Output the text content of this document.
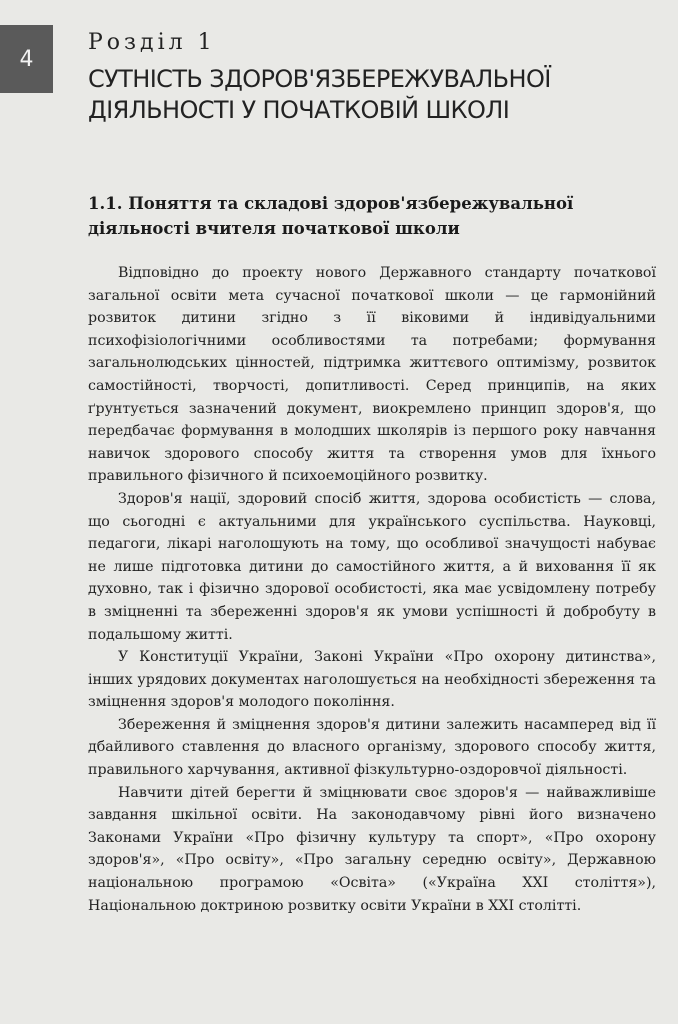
4
Розділ 1
СУТНІСТЬ ЗДОРОВ'ЯЗБЕРЕЖУВАЛЬНОЇ
ДІЯЛЬНОСТІ У ПОЧАТКОВІЙ ШКОЛІ
1.1. Поняття та складові здоров'язбережувальної
діяльності вчителя початкової школи

Відповідно до проекту нового Державного стандарту початкової загальної освіти мета сучасної початкової школи — це гармонійний розвиток дитини згідно з її віковими й індивідуальними психофізіологічними особливостями та потребами; формування загальнолюдських цінностей, підтримка життєвого оптимізму, розвиток самостійності, творчості, допитливості. Серед принципів, на яких ґрунтується зазначений документ, виокремлено принцип здоров'я, що передбачає формування в молодших школярів із першого року навчання навичок здорового способу життя та створення умов для їхнього правильного фізичного й психоемоційного розвитку.

Здоров'я нації, здоровий спосіб життя, здорова особистість — слова, що сьогодні є актуальними для українського суспільства. Науковці, педагоги, лікарі наголошують на тому, що особливої значущості набуває не лише підготовка дитини до самостійного життя, а й виховання її як духовно, так і фізично здорової особистості, яка має усвідомлену потребу в зміцненні та збереженні здоров'я як умови успішності й добробуту в подальшому житті.

У Конституції України, Законі України «Про охорону дитинства», інших урядових документах наголошується на необхідності збереження та зміцнення здоров'я молодого покоління.

Збереження й зміцнення здоров'я дитини залежить насамперед від її дбайливого ставлення до власного організму, здорового способу життя, правильного харчування, активної фізкультурно-оздоровчої діяльності.

Навчити дітей берегти й зміцнювати своє здоров'я — найважливіше завдання шкільної освіти. На законодавчому рівні його визначено Законами України «Про фізичну культуру та спорт», «Про охорону здоров'я», «Про освіту», «Про загальну середню освіту», Державною національною програмою «Освіта» («Україна XXI століття»), Національною доктриною розвитку освіти України в XXI столітті.
